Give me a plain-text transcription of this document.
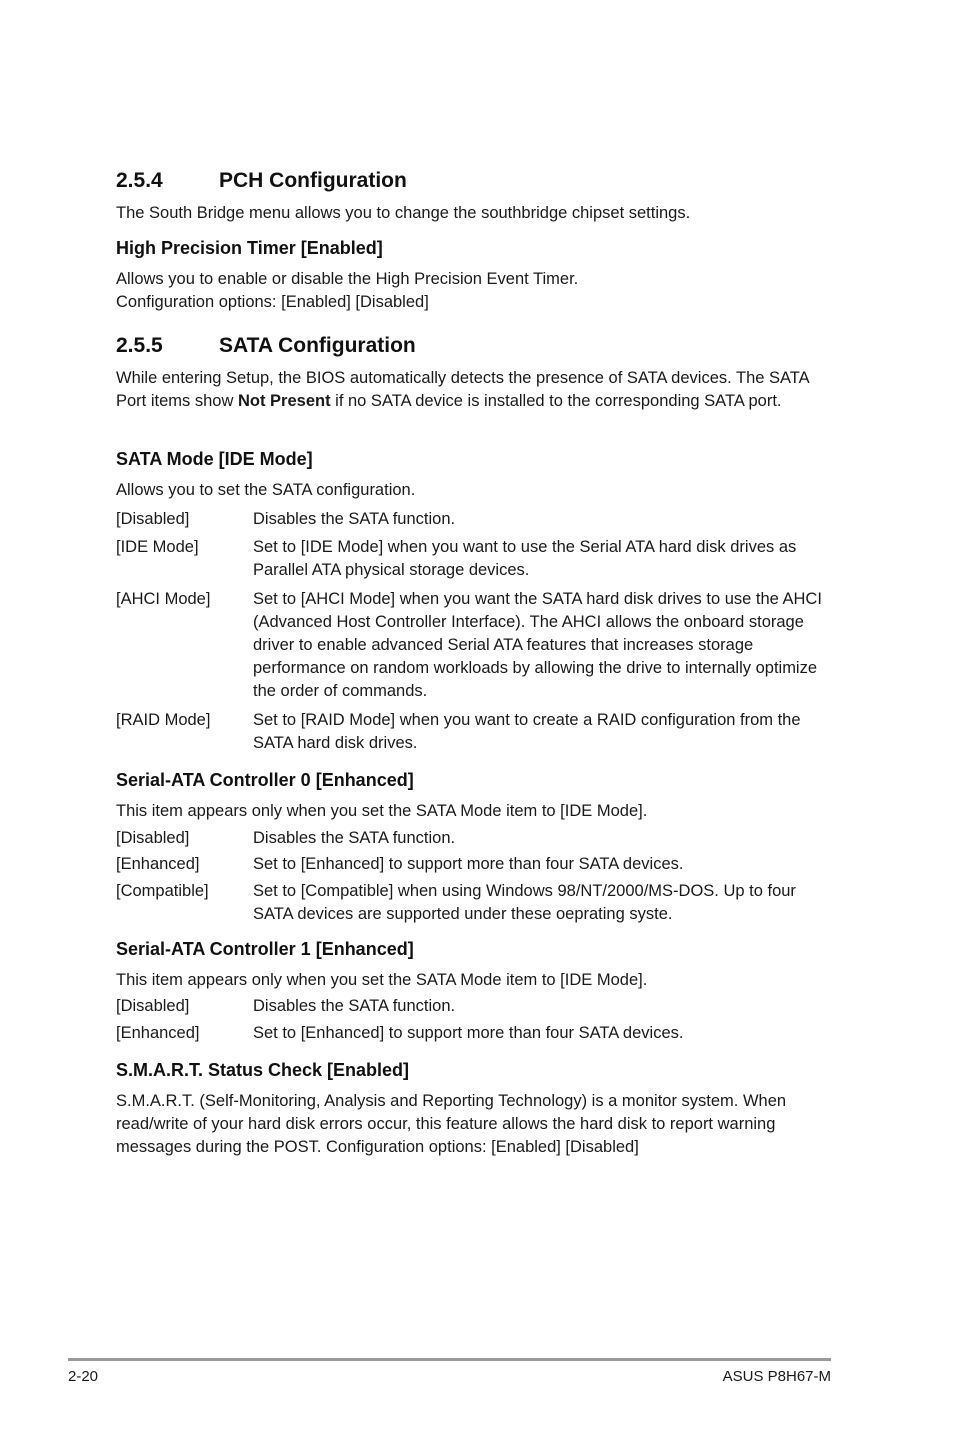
2.5.4	PCH Configuration
The South Bridge menu allows you to change the southbridge chipset settings.
High Precision Timer [Enabled]
Allows you to enable or disable the High Precision Event Timer.
Configuration options: [Enabled] [Disabled]
2.5.5	SATA Configuration
While entering Setup, the BIOS automatically detects the presence of SATA devices. The SATA Port items show Not Present if no SATA device is installed to the corresponding SATA port.
SATA Mode [IDE Mode]
Allows you to set the SATA configuration.
[Disabled]	Disables the SATA function.
[IDE Mode]	Set to [IDE Mode] when you want to use the Serial ATA hard disk drives as Parallel ATA physical storage devices.
[AHCI Mode]	Set to [AHCI Mode] when you want the SATA hard disk drives to use the AHCI (Advanced Host Controller Interface). The AHCI allows the onboard storage driver to enable advanced Serial ATA features that increases storage performance on random workloads by allowing the drive to internally optimize the order of commands.
[RAID Mode]	Set to [RAID Mode] when you want to create a RAID configuration from the SATA hard disk drives.
Serial-ATA Controller 0 [Enhanced]
This item appears only when you set the SATA Mode item to [IDE Mode].
[Disabled]	Disables the SATA function.
[Enhanced]	Set to [Enhanced] to support more than four SATA devices.
[Compatible]	Set to [Compatible] when using Windows 98/NT/2000/MS-DOS. Up to four SATA devices are supported under these oeprating syste.
Serial-ATA Controller 1 [Enhanced]
This item appears only when you set the SATA Mode item to [IDE Mode].
[Disabled]	Disables the SATA function.
[Enhanced]	Set to [Enhanced] to support more than four SATA devices.
S.M.A.R.T. Status Check [Enabled]
S.M.A.R.T. (Self-Monitoring, Analysis and Reporting Technology) is a monitor system. When read/write of your hard disk errors occur, this feature allows the hard disk to report warning messages during the POST. Configuration options: [Enabled] [Disabled]
2-20	ASUS P8H67-M
